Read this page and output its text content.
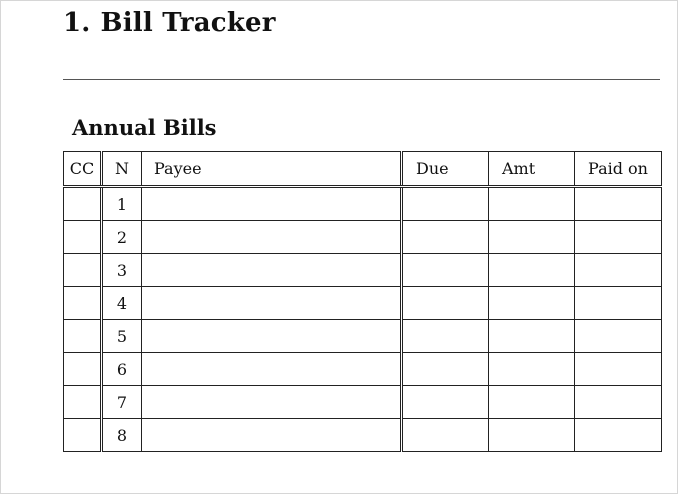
1. Bill Tracker
Annual Bills
CC	N	Payee	Due	Amt	Paid on
	1				
	2				
	3				
	4				
	5				
	6				
	7				
	8				
